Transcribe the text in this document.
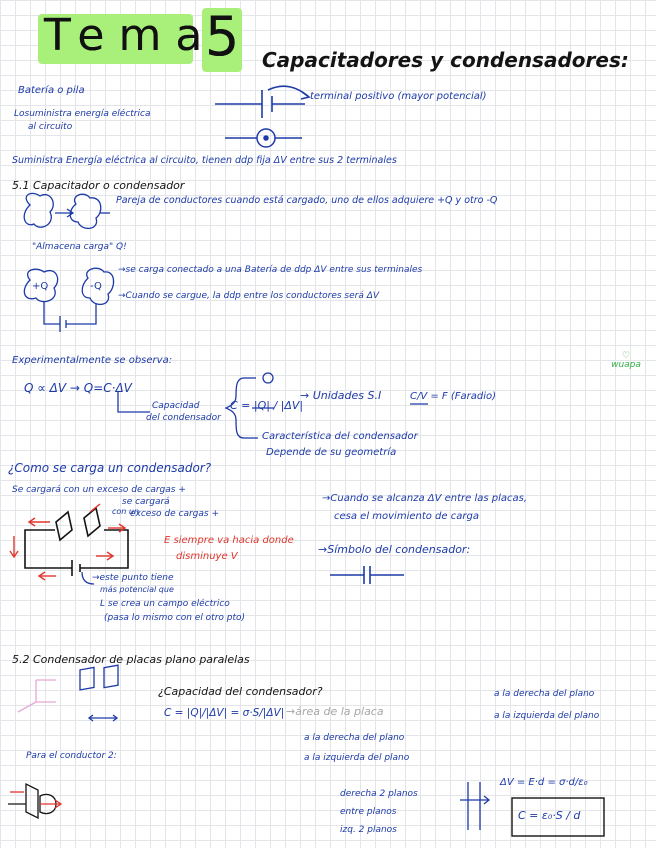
Tema
5 Capacitadores y condensadores:
Batería o pila
Losuministra energía eléctrica
al circuito
terminal positivo (mayor potencial)
Suministra Energía eléctrica al circuito, tienen ddp fija ΔV entre sus 2 terminales
5.1 Capacitador o condensador
Pareja de conductores cuando está cargado, uno de ellos adquiere +Q y otro -Q
"Almacena carga" Q!
+Q	-Q
→se carga conectado a una Batería de ddp ΔV entre sus terminales
→Cuando se cargue, la ddp entre los conductores será ΔV
Experimentalmente se observa:
Q ∝ ΔV → Q=C·ΔV
Capacidad
del condensador
C = |Q| / |ΔV|
→ Unidades S.I	C/V = F (Faradio)
Característica del condensador
Depende de su geometría
♡ wuapa
¿Como se carga un condensador?
Se cargará con un exceso de cargas +
se cargará
con un
exceso de cargas +
E siempre va hacia donde
disminuye V
→este punto tiene
más potencial que
L se crea un campo eléctrico
(pasa lo mismo con el otro pto)
→Cuando se alcanza ΔV entre las placas,
cesa el movimiento de carga
→Símbolo del condensador:
5.2 Condensador de placas plano paralelas
¿Capacidad del condensador?
C = |Q|/|ΔV| = σ·S/|ΔV| →área de la placa
a la derecha del plano
a la izquierda del plano
Para el conductor 2:
a la derecha del plano
a la izquierda del plano
derecha 2 planos
entre planos
izq. 2 planos
ΔV = E·d = σ·d/ε₀
C = ε₀·S / d
